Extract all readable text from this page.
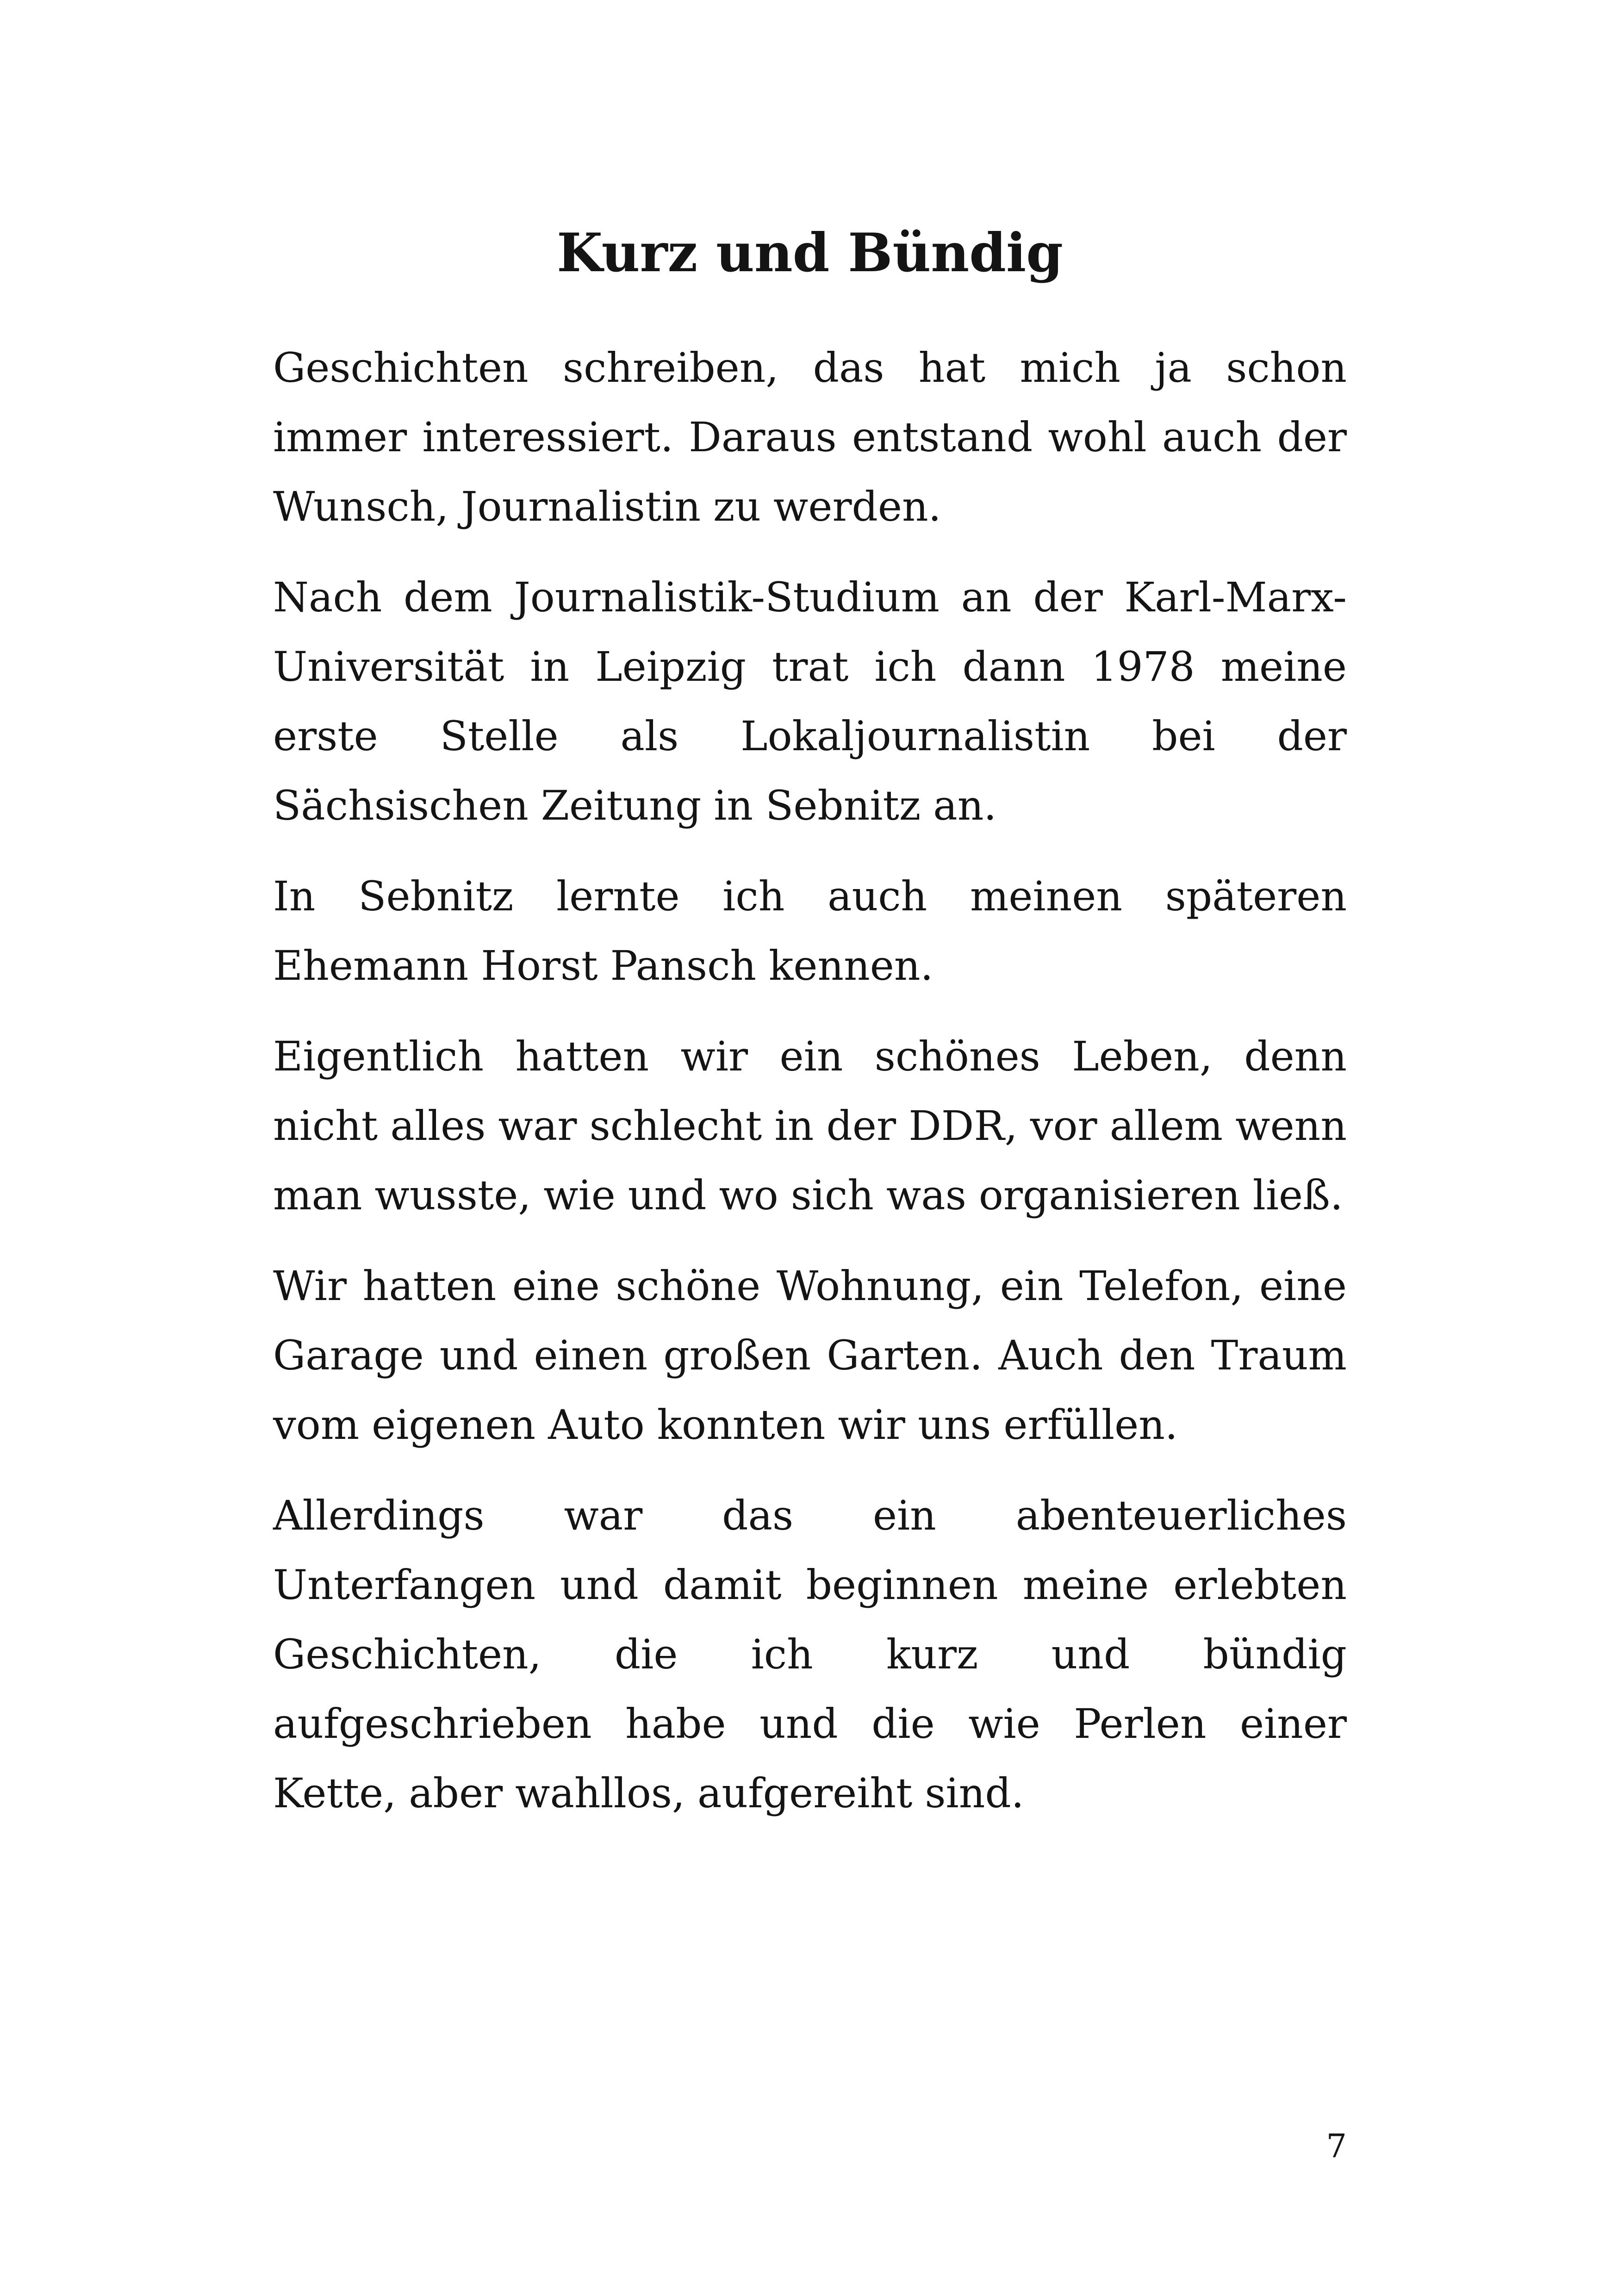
Kurz und Bündig

Geschichten schreiben, das hat mich ja schon immer interessiert. Daraus entstand wohl auch der Wunsch, Journalistin zu werden.

Nach dem Journalistik-Studium an der Karl-Marx-Universität in Leipzig trat ich dann 1978 meine erste Stelle als Lokaljournalistin bei der Sächsischen Zeitung in Sebnitz an.

In Sebnitz lernte ich auch meinen späteren Ehemann Horst Pansch kennen.

Eigentlich hatten wir ein schönes Leben, denn nicht alles war schlecht in der DDR, vor allem wenn man wusste, wie und wo sich was organisieren ließ.

Wir hatten eine schöne Wohnung, ein Telefon, eine Garage und einen großen Garten. Auch den Traum vom eigenen Auto konnten wir uns erfüllen.

Allerdings war das ein abenteuerliches Unterfangen und damit beginnen meine erlebten Geschichten, die ich kurz und bündig aufgeschrieben habe und die wie Perlen einer Kette, aber wahllos, aufgereiht sind.

7
